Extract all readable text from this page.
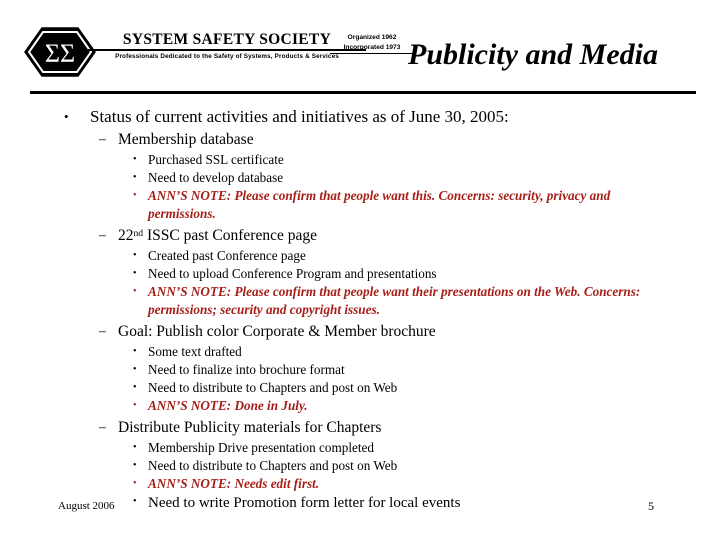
ΣΣ	SYSTEM SAFETY SOCIETY
Professionals Dedicated to the Safety of Systems, Products & Services
Organized 1962
Incorporated 1973 Publicity and Media
•	Status of current activities and initiatives as of June 30, 2005:
– Membership database
• Purchased SSL certificate
• Need to develop database
• ANN’S NOTE: Please confirm that people want this. Concerns: security, privacy and permissions.
– 22nd ISSC past Conference page
• Created past Conference page
• Need to upload Conference Program and presentations
• ANN’S NOTE: Please confirm that people want their presentations on the Web. Concerns: permissions; security and copyright issues.
– Goal: Publish color Corporate & Member brochure
• Some text drafted
• Need to finalize into brochure format
• Need to distribute to Chapters and post on Web
• ANN’S NOTE: Done in July.
– Distribute Publicity materials for Chapters
• Membership Drive presentation completed
• Need to distribute to Chapters and post on Web
• ANN’S NOTE: Needs edit first.
• Need to write Promotion form letter for local events
August 2006	5
